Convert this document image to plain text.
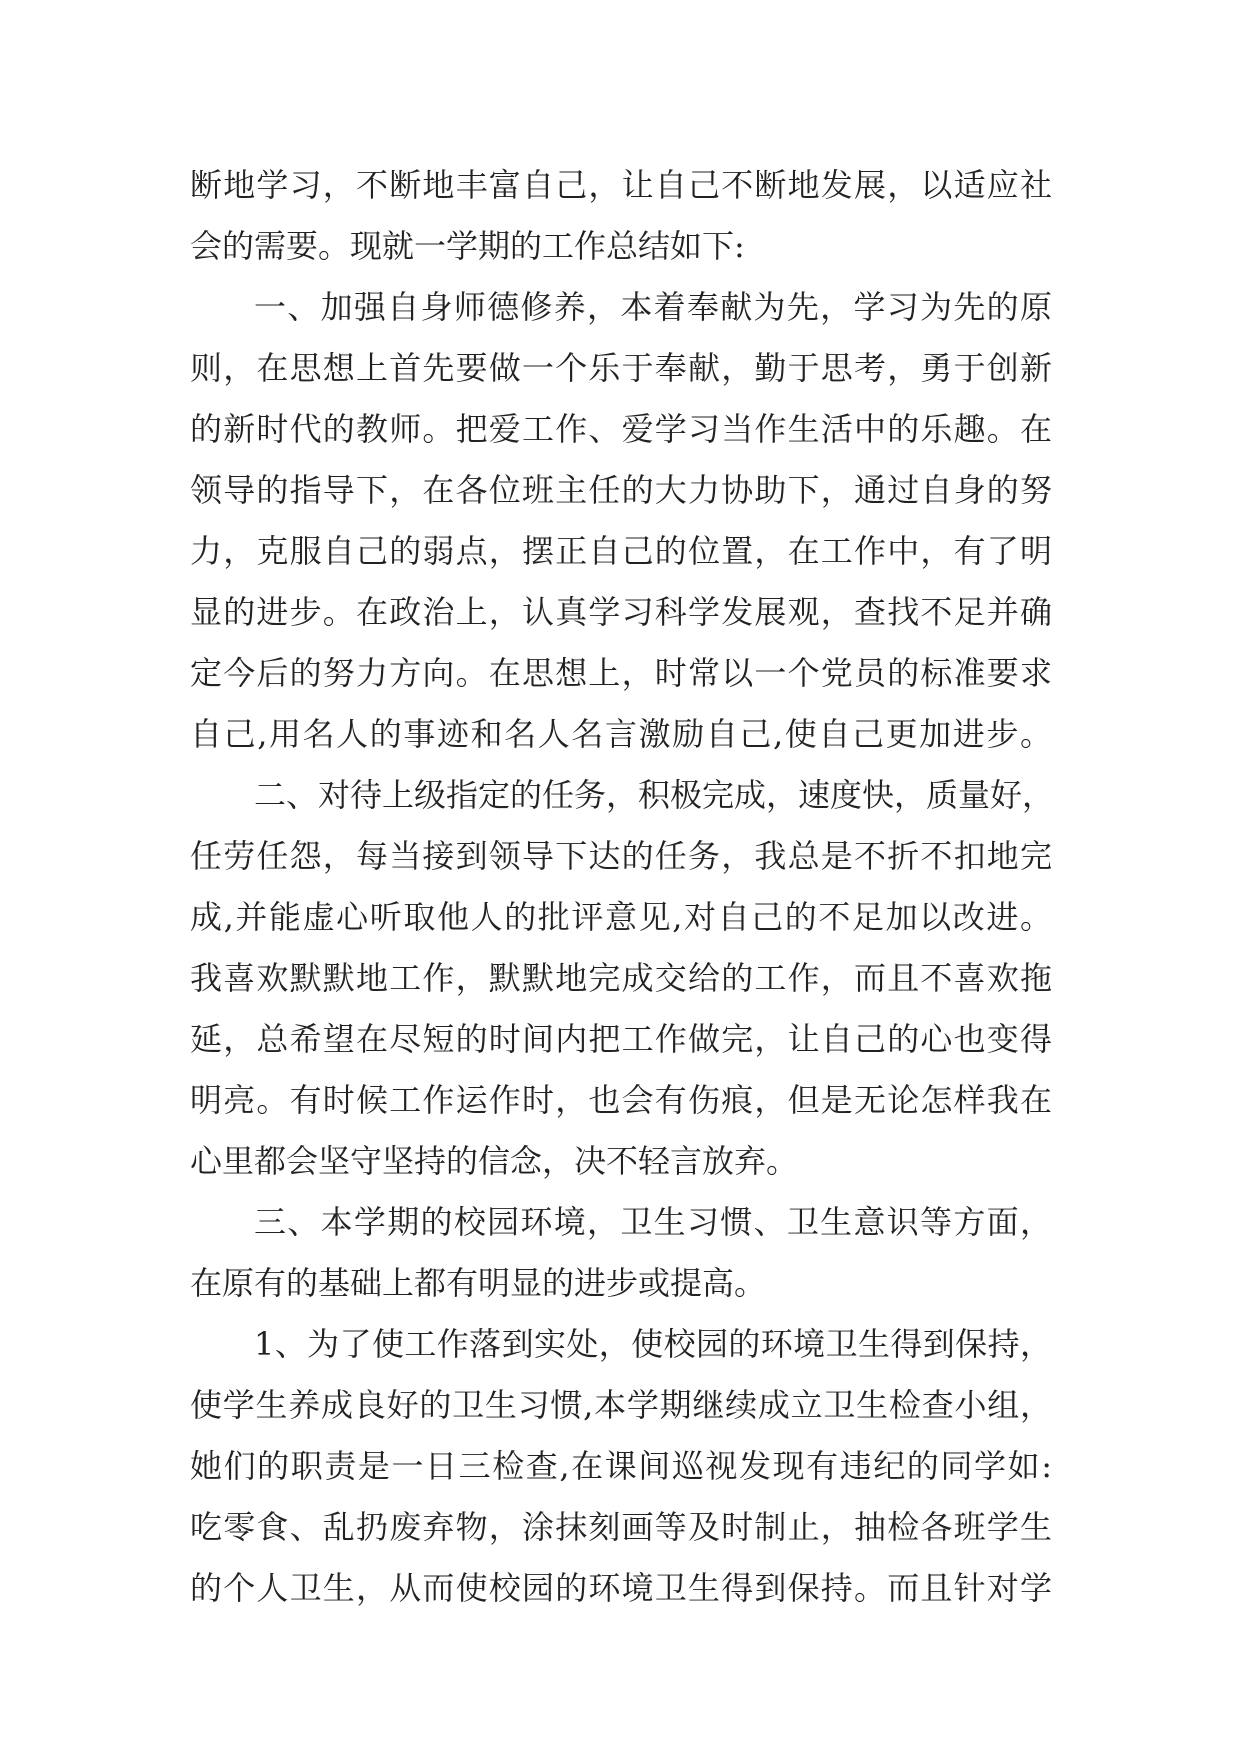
断地学习，不断地丰富自己，让自己不断地发展，以适应社
会的需要。现就一学期的工作总结如下:
一、加强自身师德修养，本着奉献为先，学习为先的原
则，在思想上首先要做一个乐于奉献，勤于思考，勇于创新
的新时代的教师。把爱工作、爱学习当作生活中的乐趣。在
领导的指导下，在各位班主任的大力协助下，通过自身的努
力，克服自己的弱点，摆正自己的位置，在工作中，有了明
显的进步。在政治上，认真学习科学发展观，查找不足并确
定今后的努力方向。在思想上，时常以一个党员的标准要求
自己,用名人的事迹和名人名言激励自己,使自己更加进步。
二、对待上级指定的任务，积极完成，速度快，质量好，
任劳任怨，每当接到领导下达的任务，我总是不折不扣地完
成,并能虚心听取他人的批评意见,对自己的不足加以改进。
我喜欢默默地工作，默默地完成交给的工作，而且不喜欢拖
延，总希望在尽短的时间内把工作做完，让自己的心也变得
明亮。有时候工作运作时，也会有伤痕，但是无论怎样我在
心里都会坚守坚持的信念，决不轻言放弃。
三、本学期的校园环境，卫生习惯、卫生意识等方面，
在原有的基础上都有明显的进步或提高。
1、为了使工作落到实处，使校园的环境卫生得到保持，
使学生养成良好的卫生习惯,本学期继续成立卫生检查小组，
她们的职责是一日三检查,在课间巡视发现有违纪的同学如:
吃零食、乱扔废弃物，涂抹刻画等及时制止，抽检各班学生
的个人卫生，从而使校园的环境卫生得到保持。而且针对学
